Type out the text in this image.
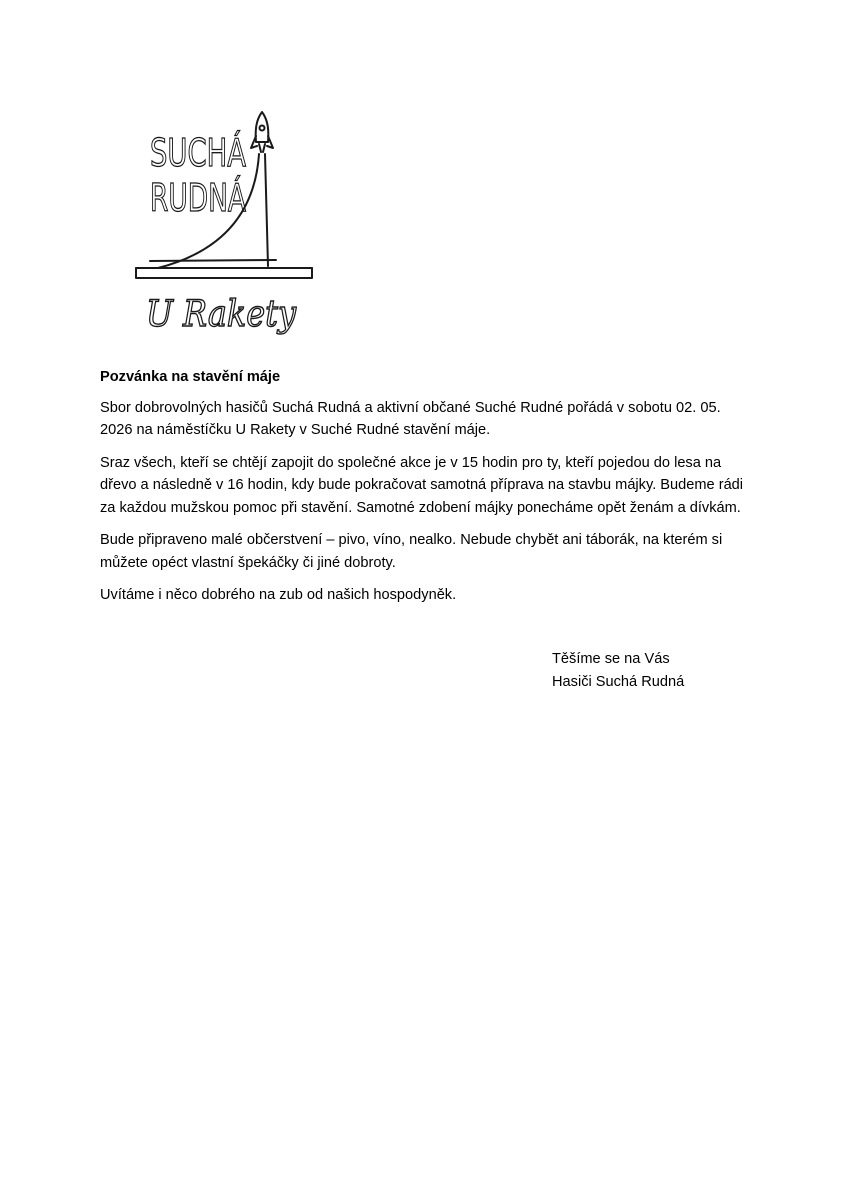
SUCHÁ
RUDNÁ
U Rakety

Pozvánka na stavění máje

Sbor dobrovolných hasičů Suchá Rudná a aktivní občané Suché Rudné pořádá v sobotu 02. 05. 2026 na náměstíčku U Rakety v Suché Rudné stavění máje.

Sraz všech, kteří se chtějí zapojit do společné akce je v 15 hodin pro ty, kteří pojedou do lesa na dřevo a následně v 16 hodin, kdy bude pokračovat samotná příprava na stavbu májky. Budeme rádi za každou mužskou pomoc při stavění. Samotné zdobení májky ponecháme opět ženám a dívkám.

Bude připraveno malé občerstvení – pivo, víno, nealko. Nebude chybět ani táborák, na kterém si můžete opéct vlastní špekáčky či jiné dobroty.

Uvítáme i něco dobrého na zub od našich hospodyněk.

Těšíme se na Vás
Hasiči Suchá Rudná
